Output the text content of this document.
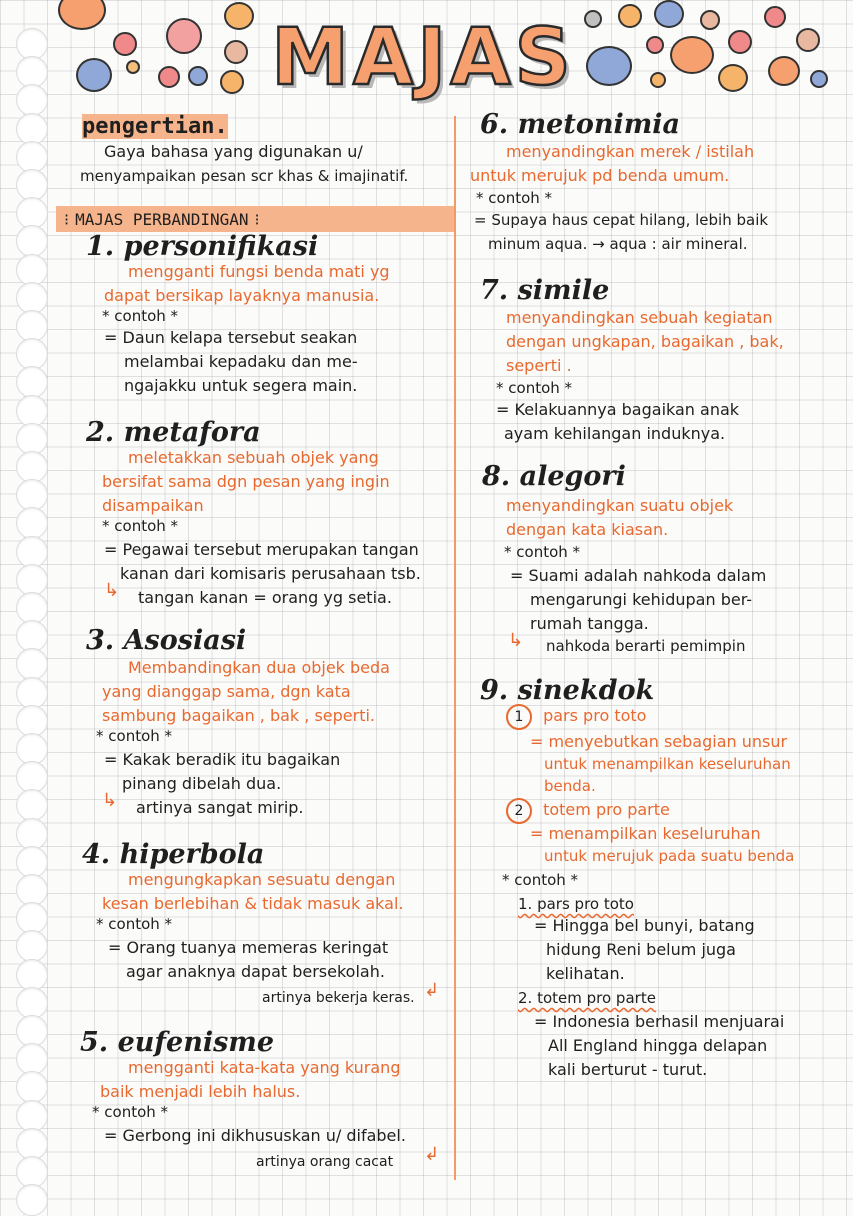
MAJAS
pengertian.
Gaya bahasa yang digunakan u/
menyampaikan pesan scr khas & imajinatif.
⁝ MAJAS PERBANDINGAN ⁝
1. personifikasi
mengganti fungsi benda mati yg
dapat bersikap layaknya manusia.
* contoh *
= Daun kelapa tersebut seakan
melambai kepadaku dan me-
ngajakku untuk segera main.
2. metafora
meletakkan sebuah objek yang
bersifat sama dgn pesan yang ingin
disampaikan
* contoh *
= Pegawai tersebut merupakan tangan
kanan dari komisaris perusahaan tsb.
↳ tangan kanan = orang yg setia.
3. Asosiasi
Membandingkan dua objek beda
yang dianggap sama, dgn kata
sambung bagaikan , bak , seperti.
* contoh *
= Kakak beradik itu bagaikan
pinang dibelah dua.
↳ artinya sangat mirip.
4. hiperbola
mengungkapkan sesuatu dengan
kesan berlebihan & tidak masuk akal.
* contoh *
= Orang tuanya memeras keringat
agar anaknya dapat bersekolah.
↲
artinya bekerja keras.
5. eufenisme
mengganti kata-kata yang kurang
baik menjadi lebih halus.
* contoh *
= Gerbong ini dikhususkan u/ difabel.
↲
artinya orang cacat
6. metonimia
menyandingkan merek / istilah
untuk merujuk pd benda umum.
* contoh *
= Supaya haus cepat hilang, lebih baik
minum aqua. → aqua : air mineral.
7. simile
menyandingkan sebuah kegiatan
dengan ungkapan, bagaikan , bak,
seperti .
* contoh *
= Kelakuannya bagaikan anak
ayam kehilangan induknya.
8. alegori
menyandingkan suatu objek
dengan kata kiasan.
* contoh *
= Suami adalah nahkoda dalam
mengarungi kehidupan ber-
rumah tangga.
↳ nahkoda berarti pemimpin
9. sinekdok
1 pars pro toto
= menyebutkan sebagian unsur
untuk menampilkan keseluruhan
benda.
2 totem pro parte
= menampilkan keseluruhan
untuk merujuk pada suatu benda
* contoh *
1. pars pro toto
= Hingga bel bunyi, batang
hidung Reni belum juga
kelihatan.
2. totem pro parte
= Indonesia berhasil menjuarai
All England hingga delapan
kali berturut - turut.
